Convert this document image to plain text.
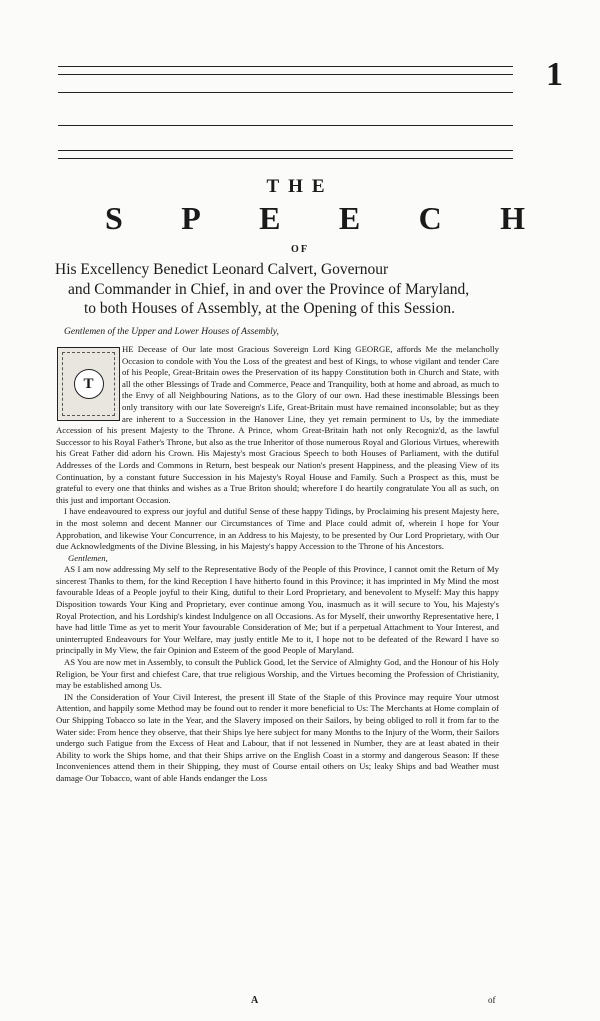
1
THE
S P E E C H
OF
His Excellency Benedict Leonard Calvert, Governour
and Commander in Chief, in and over the Province of Maryland,
to both Houses of Assembly, at the Opening of this Session.
Gentlemen of the Upper and Lower Houses of Assembly,
T

HE Decease of Our late most Gracious Sovereign Lord King GEORGE, affords Me the melancholly Occasion to condole with You the Loss of the greatest and best of Kings, to whose vigilant and tender Care of his People, Great-Britain owes the Preservation of its happy Constitution both in Church and State, with all the other Blessings of Trade and Commerce, Peace and Tranquility, both at home and abroad, as much to the Envy of all Neighbouring Nations, as to the Glory of our own. Had these inestimable Blessings been only transitory with our late Sovereign's Life, Great-Britain must have remained inconsolable; but as they are inherent to a Succession in the Hanover Line, they yet remain perminent to Us, by the immediate Accession of his present Majesty to the Throne. A Prince, whom Great-Britain hath not only Recogniz'd, as the lawful Successor to his Royal Father's Throne, but also as the true Inheritor of those numerous Royal and Glorious Virtues, wherewith his Great Father did adorn his Crown. His Majesty's most Gracious Speech to both Houses of Parliament, with the dutiful Addresses of the Lords and Commons in Return, best bespeak our Nation's present Happiness, and the pleasing View of its Continuation, by a constant future Succession in his Majesty's Royal House and Family. Such a Prospect as this, must be grateful to every one that thinks and wishes as a True Briton should; wherefore I do heartily congratulate You all as such, on this just and important Occasion.

I have endeavoured to express our joyful and dutiful Sense of these happy Tidings, by Proclaiming his present Majesty here, in the most solemn and decent Manner our Circumstances of Time and Place could admit of, wherein I hope for Your Approbation, and likewise Your Concurrence, in an Address to his Majesty, to be presented by Our Lord Proprietary, with Our due Acknowledgments of the Divine Blessing, in his Majesty's happy Accession to the Throne of his Ancestors.

Gentlemen,

AS I am now addressing My self to the Representative Body of the People of this Province, I cannot omit the Return of My sincerest Thanks to them, for the kind Reception I have hitherto found in this Province; it has imprinted in My Mind the most favourable Ideas of a People joyful to their King, dutiful to their Lord Proprietary, and benevolent to Myself: May this happy Disposition towards Your King and Proprietary, ever continue among You, inasmuch as it will secure to You, his Majesty's Royal Protection, and his Lordship's kindest Indulgence on all Occasions. As for Myself, their unworthy Representative here, I have had little Time as yet to merit Your favourable Consideration of Me; but if a perpetual Attachment to Your Interest, and uninterrupted Endeavours for Your Welfare, may justly entitle Me to it, I hope not to be defeated of the Reward I have so principally in My View, the fair Opinion and Esteem of the good People of Maryland.

AS You are now met in Assembly, to consult the Publick Good, let the Service of Almighty God, and the Honour of his Holy Religion, be Your first and chiefest Care, that true religious Worship, and the Virtues becoming the Profession of Christianity, may be established among Us.

IN the Consideration of Your Civil Interest, the present ill State of the Staple of this Province may require Your utmost Attention, and happily some Method may be found out to render it more beneficial to Us: The Merchants at Home complain of Our Shipping Tobacco so late in the Year, and the Slavery imposed on their Sailors, by being obliged to roll it from far to the Water side: From hence they observe, that their Ships lye here subject for many Months to the Injury of the Worm, their Sailors undergo such Fatigue from the Excess of Heat and Labour, that if not lessened in Number, they are at least abated in their Ability to work the Ships home, and that their Ships arrive on the English Coast in a stormy and dangerous Season: If these Inconveniences attend them in their Shipping, they must of Course entail others on Us; leaky Ships and bad Weather must damage Our Tobacco, want of able Hands endanger the Loss

A	of
